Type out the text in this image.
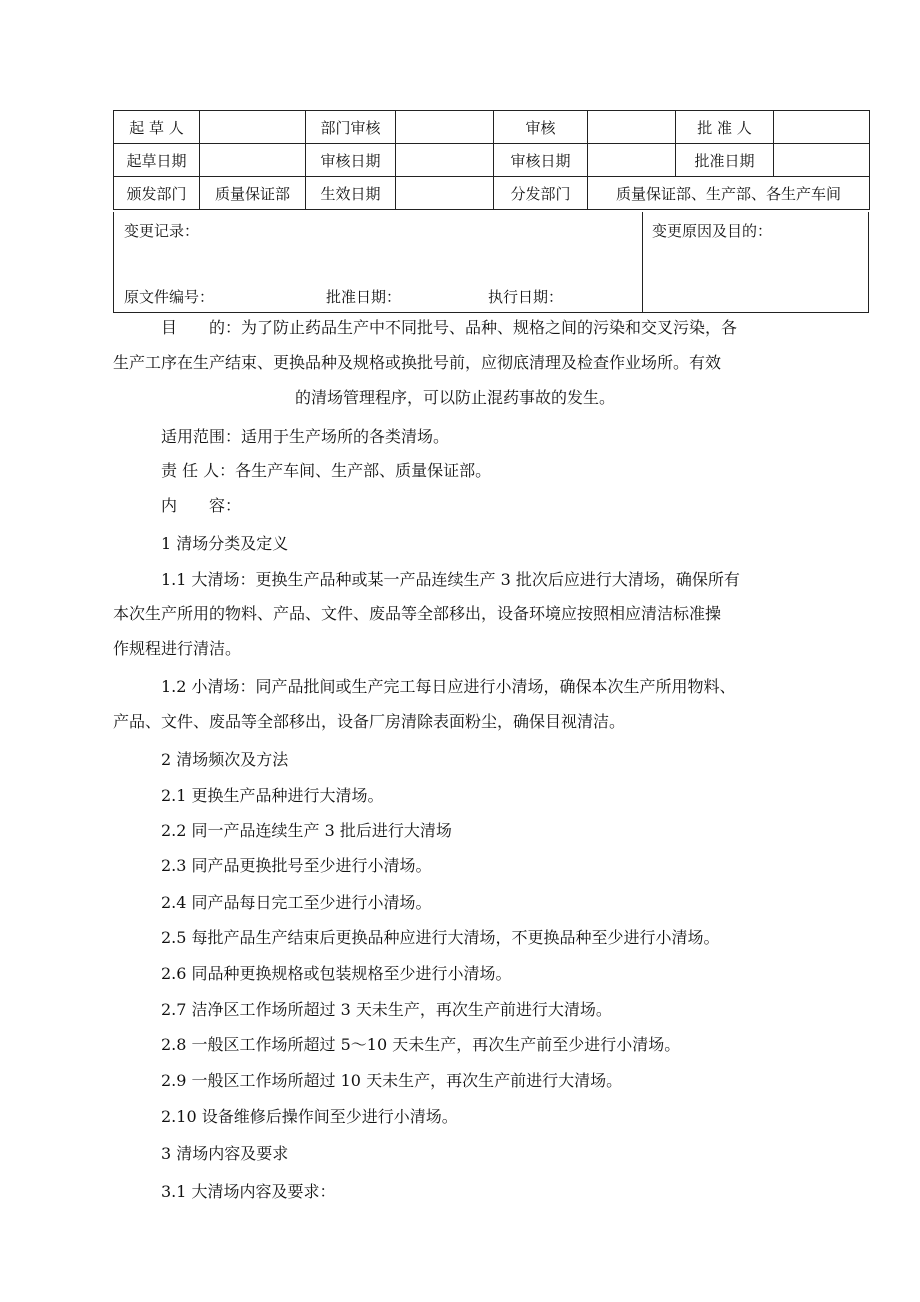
起 草 人		部门审核		审核		批 准 人	
起草日期		审核日期		审核日期		批准日期	
颁发部门	质量保证部	生效日期		分发部门	质量保证部、生产部、各生产车间		
变更记录：
原文件编号：	批准日期：	执行日期：
变更原因及目的：
目　　的：为了防止药品生产中不同批号、品种、规格之间的污染和交叉污染，各
生产工序在生产结束、更换品种及规格或换批号前，应彻底清理及检查作业场所。有效
的清场管理程序，可以防止混药事故的发生。
适用范围：适用于生产场所的各类清场。
责 任 人：各生产车间、生产部、质量保证部。
内　　容：
1 清场分类及定义
1.1 大清场：更换生产品种或某一产品连续生产 3 批次后应进行大清场，确保所有
本次生产所用的物料、产品、文件、废品等全部移出，设备环境应按照相应清洁标准操
作规程进行清洁。
1.2 小清场：同产品批间或生产完工每日应进行小清场，确保本次生产所用物料、
产品、文件、废品等全部移出，设备厂房清除表面粉尘，确保目视清洁。
2 清场频次及方法
2.1 更换生产品种进行大清场。
2.2 同一产品连续生产 3 批后进行大清场
2.3 同产品更换批号至少进行小清场。
2.4 同产品每日完工至少进行小清场。
2.5 每批产品生产结束后更换品种应进行大清场，不更换品种至少进行小清场。
2.6 同品种更换规格或包装规格至少进行小清场。
2.7 洁净区工作场所超过 3 天未生产，再次生产前进行大清场。
2.8 一般区工作场所超过 5～10 天未生产，再次生产前至少进行小清场。
2.9 一般区工作场所超过 10 天未生产，再次生产前进行大清场。
2.10 设备维修后操作间至少进行小清场。
3 清场内容及要求
3.1 大清场内容及要求：
